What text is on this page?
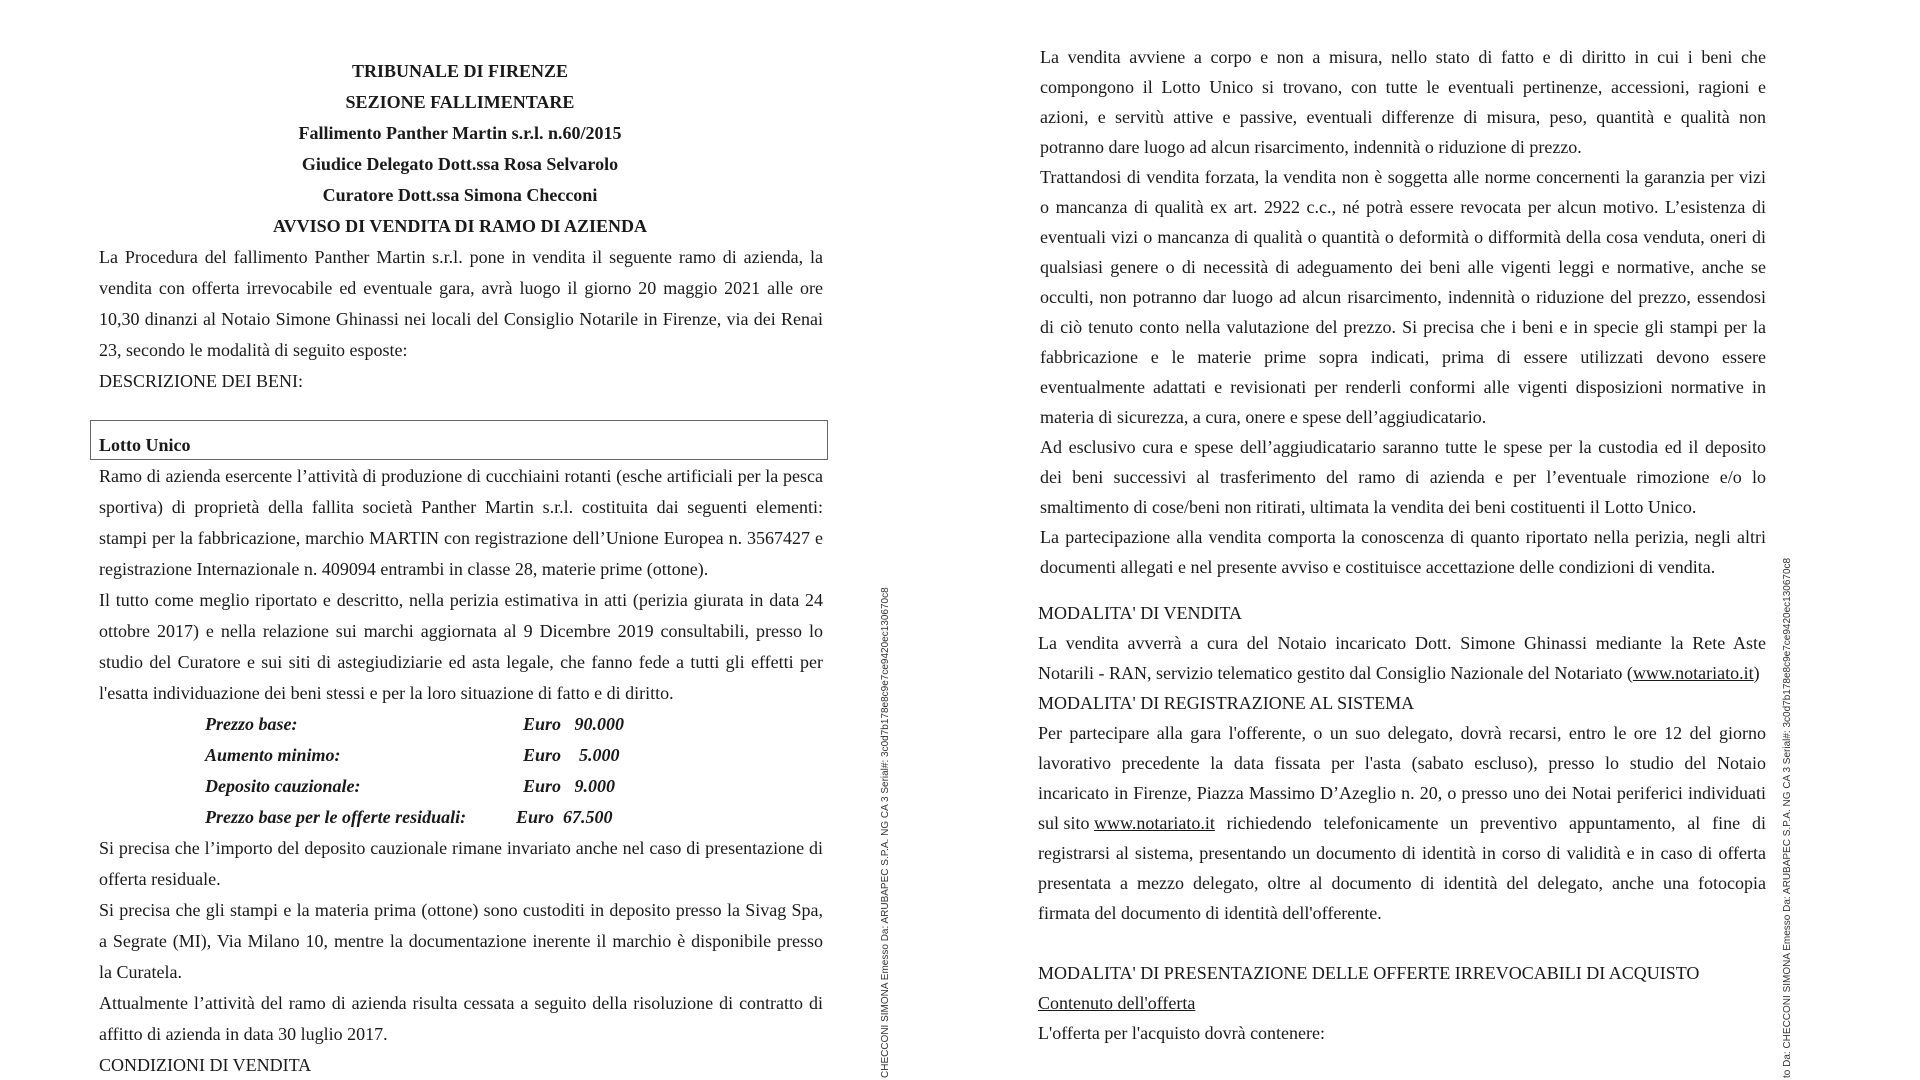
TRIBUNALE DI FIRENZE
SEZIONE FALLIMENTARE
Fallimento Panther Martin s.r.l. n.60/2015
Giudice Delegato Dott.ssa Rosa Selvarolo
Curatore Dott.ssa Simona Checconi
AVVISO DI VENDITA DI RAMO DI AZIENDA
La Procedura del fallimento Panther Martin s.r.l. pone in vendita il seguente ramo di azienda, la
vendita con offerta irrevocabile ed eventuale gara, avrà luogo il giorno 20 maggio 2021 alle ore
10,30 dinanzi al Notaio Simone Ghinassi nei locali del Consiglio Notarile in Firenze, via dei Renai
23, secondo le modalità di seguito esposte:
DESCRIZIONE DEI BENI:
Lotto Unico
Ramo di azienda esercente l’attività di produzione di cucchiaini rotanti (esche artificiali per la pesca
sportiva) di proprietà della fallita società Panther Martin s.r.l. costituita dai seguenti elementi:
stampi per la fabbricazione, marchio MARTIN con registrazione dell’Unione Europea n. 3567427 e
registrazione Internazionale n. 409094 entrambi in classe 28, materie prime (ottone).
Il tutto come meglio riportato e descritto, nella perizia estimativa in atti (perizia giurata in data 24
ottobre 2017) e nella relazione sui marchi aggiornata al 9 Dicembre 2019 consultabili, presso lo
studio del Curatore e sui siti di astegiudiziarie ed asta legale, che fanno fede a tutti gli effetti per
l'esatta individuazione dei beni stessi e per la loro situazione di fatto e di diritto.
Prezzo base:	Euro   90.000
Aumento minimo:	Euro    5.000
Deposito cauzionale:	Euro   9.000
Prezzo base per le offerte residuali:	Euro  67.500
Si precisa che l’importo del deposito cauzionale rimane invariato anche nel caso di presentazione di
offerta residuale.
Si precisa che gli stampi e la materia prima (ottone) sono custoditi in deposito presso la Sivag Spa,
a Segrate (MI), Via Milano 10, mentre la documentazione inerente il marchio è disponibile presso
la Curatela.
Attualmente l’attività del ramo di azienda risulta cessata a seguito della risoluzione di contratto di
affitto di azienda in data 30 luglio 2017.
CONDIZIONI DI VENDITA	CHECCONI SIMONA Emesso Da: ARUBAPEC S.P.A. NG CA 3 Serial#: 3c0d7b178e8c9e7ce9420ec130670c8
La vendita avviene a corpo e non a misura, nello stato di fatto e di diritto in cui i beni che
compongono il Lotto Unico si trovano, con tutte le eventuali pertinenze, accessioni, ragioni e
azioni, e servitù attive e passive, eventuali differenze di misura, peso, quantità e qualità non
potranno dare luogo ad alcun risarcimento, indennità o riduzione di prezzo.
Trattandosi di vendita forzata, la vendita non è soggetta alle norme concernenti la garanzia per vizi
o mancanza di qualità ex art. 2922 c.c., né potrà essere revocata per alcun motivo. L’esistenza di
eventuali vizi o mancanza di qualità o quantità o deformità o difformità della cosa venduta, oneri di
qualsiasi genere o di necessità di adeguamento dei beni alle vigenti leggi e normative, anche se
occulti, non potranno dar luogo ad alcun risarcimento, indennità o riduzione del prezzo, essendosi
di ciò tenuto conto nella valutazione del prezzo. Si precisa che i beni e in specie gli stampi per la
fabbricazione e le materie prime sopra indicati, prima di essere utilizzati devono essere
eventualmente adattati e revisionati per renderli conformi alle vigenti disposizioni normative in
materia di sicurezza, a cura, onere e spese dell’aggiudicatario.
Ad esclusivo cura e spese dell’aggiudicatario saranno tutte le spese per la custodia ed il deposito
dei beni successivi al trasferimento del ramo di azienda e per l’eventuale rimozione e/o lo
smaltimento di cose/beni non ritirati, ultimata la vendita dei beni costituenti il Lotto Unico.
La partecipazione alla vendita comporta la conoscenza di quanto riportato nella perizia, negli altri
documenti allegati e nel presente avviso e costituisce accettazione delle condizioni di vendita.
MODALITA' DI VENDITA
La vendita avverrà a cura del Notaio incaricato Dott. Simone Ghinassi mediante la Rete Aste
Notarili - RAN, servizio telematico gestito dal Consiglio Nazionale del Notariato (www.notariato.it)
MODALITA' DI REGISTRAZIONE AL SISTEMA
Per partecipare alla gara l'offerente, o un suo delegato, dovrà recarsi, entro le ore 12 del giorno
lavorativo precedente la data fissata per l'asta (sabato escluso), presso lo studio del Notaio
incaricato in Firenze, Piazza Massimo D’Azeglio n. 20, o presso uno dei Notai periferici individuati
sul sito www.notariato.it richiedendo telefonicamente un preventivo appuntamento, al fine di
registrarsi al sistema, presentando un documento di identità in corso di validità e in caso di offerta
presentata a mezzo delegato, oltre al documento di identità del delegato, anche una fotocopia
firmata del documento di identità dell'offerente.
MODALITA' DI PRESENTAZIONE DELLE OFFERTE IRREVOCABILI DI ACQUISTO
Contenuto dell'offerta
L'offerta per l'acquisto dovrà contenere:	to Da: CHECCONI SIMONA Emesso Da: ARUBAPEC S.P.A. NG CA 3 Serial#: 3c0d7b178e8c9e7ce9420ec130670c8
